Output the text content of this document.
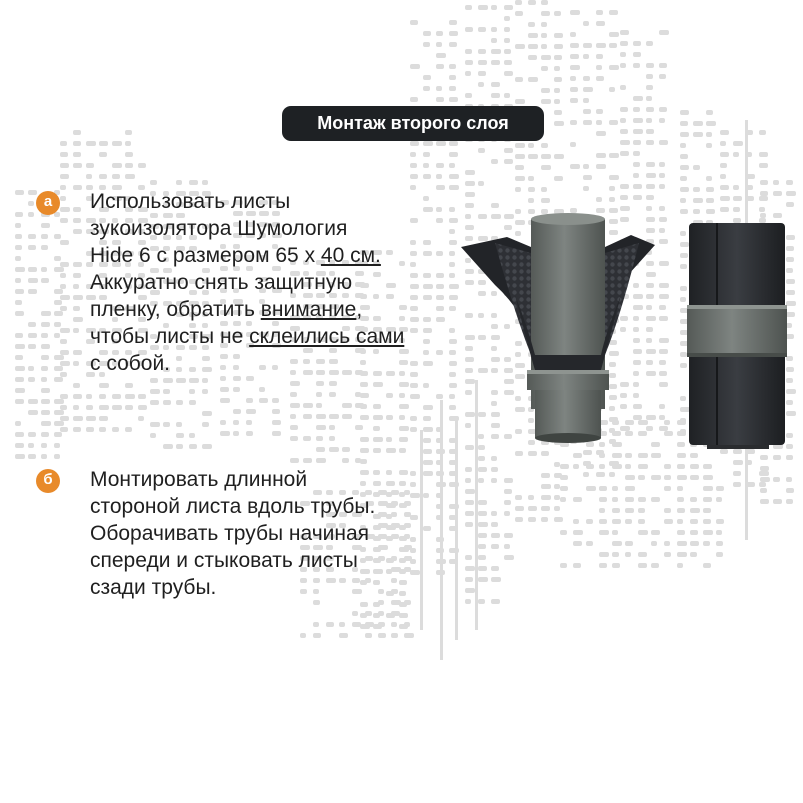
Монтаж второго слоя
а	Использовать листы
зукоизолятора Шумология
Hide 6 с размером 65 х 40 см.
Аккуратно снять защитную
пленку, обратить внимание,
чтобы листы не склеились сами
с собой.

б	Монтировать длинной
стороной листа вдоль трубы.
Оборачивать трубы начиная
спереди и стыковать листы
сзади трубы.
